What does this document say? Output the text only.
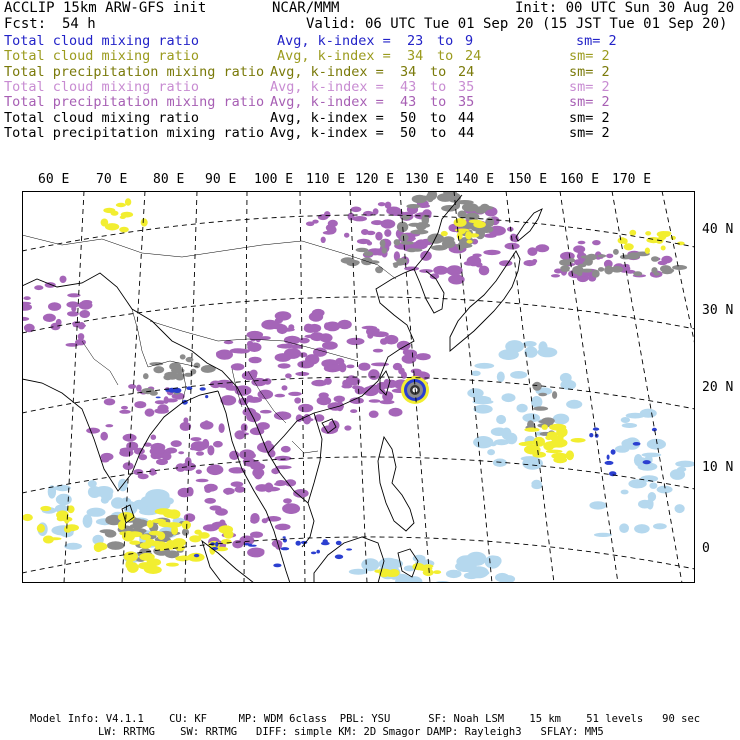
ACCLIP 15km ARW-GFS init	NCAR/MMM	Init: 00 UTC Sun 30 Aug 20
Fcst: 54 h	Valid: 06 UTC Tue 01 Sep 20 (15 JST Tue 01 Sep 20)
Total cloud mixing ratio	Avg, k-index = 23 to 9	sm= 2
Total cloud mixing ratio	Avg, k-index = 34 to 24	sm= 2
Total precipitation mixing ratio Avg, k-index = 34 to 24	sm= 2
Total cloud mixing ratio	Avg, k-index = 43 to 35	sm= 2
Total precipitation mixing ratio Avg, k-index = 43 to 35	sm= 2
Total cloud mixing ratio	Avg, k-index = 50 to 44	sm= 2
Total precipitation mixing ratio Avg, k-index = 50 to 44	sm= 2
60 E 70 E 80 E 90 E 100 E 110 E 120 E 130 E 140 E 150 E 160 E 170 E
40 N
30 N
20 N
10 N
0
Model Info: V4.1.1    CU: KF     MP: WDM 6class  PBL: YSU      SF: Noah LSM    15 km    51 levels   90 sec
LW: RRTMG    SW: RRTMG   DIFF: simple KM: 2D Smagor DAMP: Rayleigh3   SFLAY: MM5
